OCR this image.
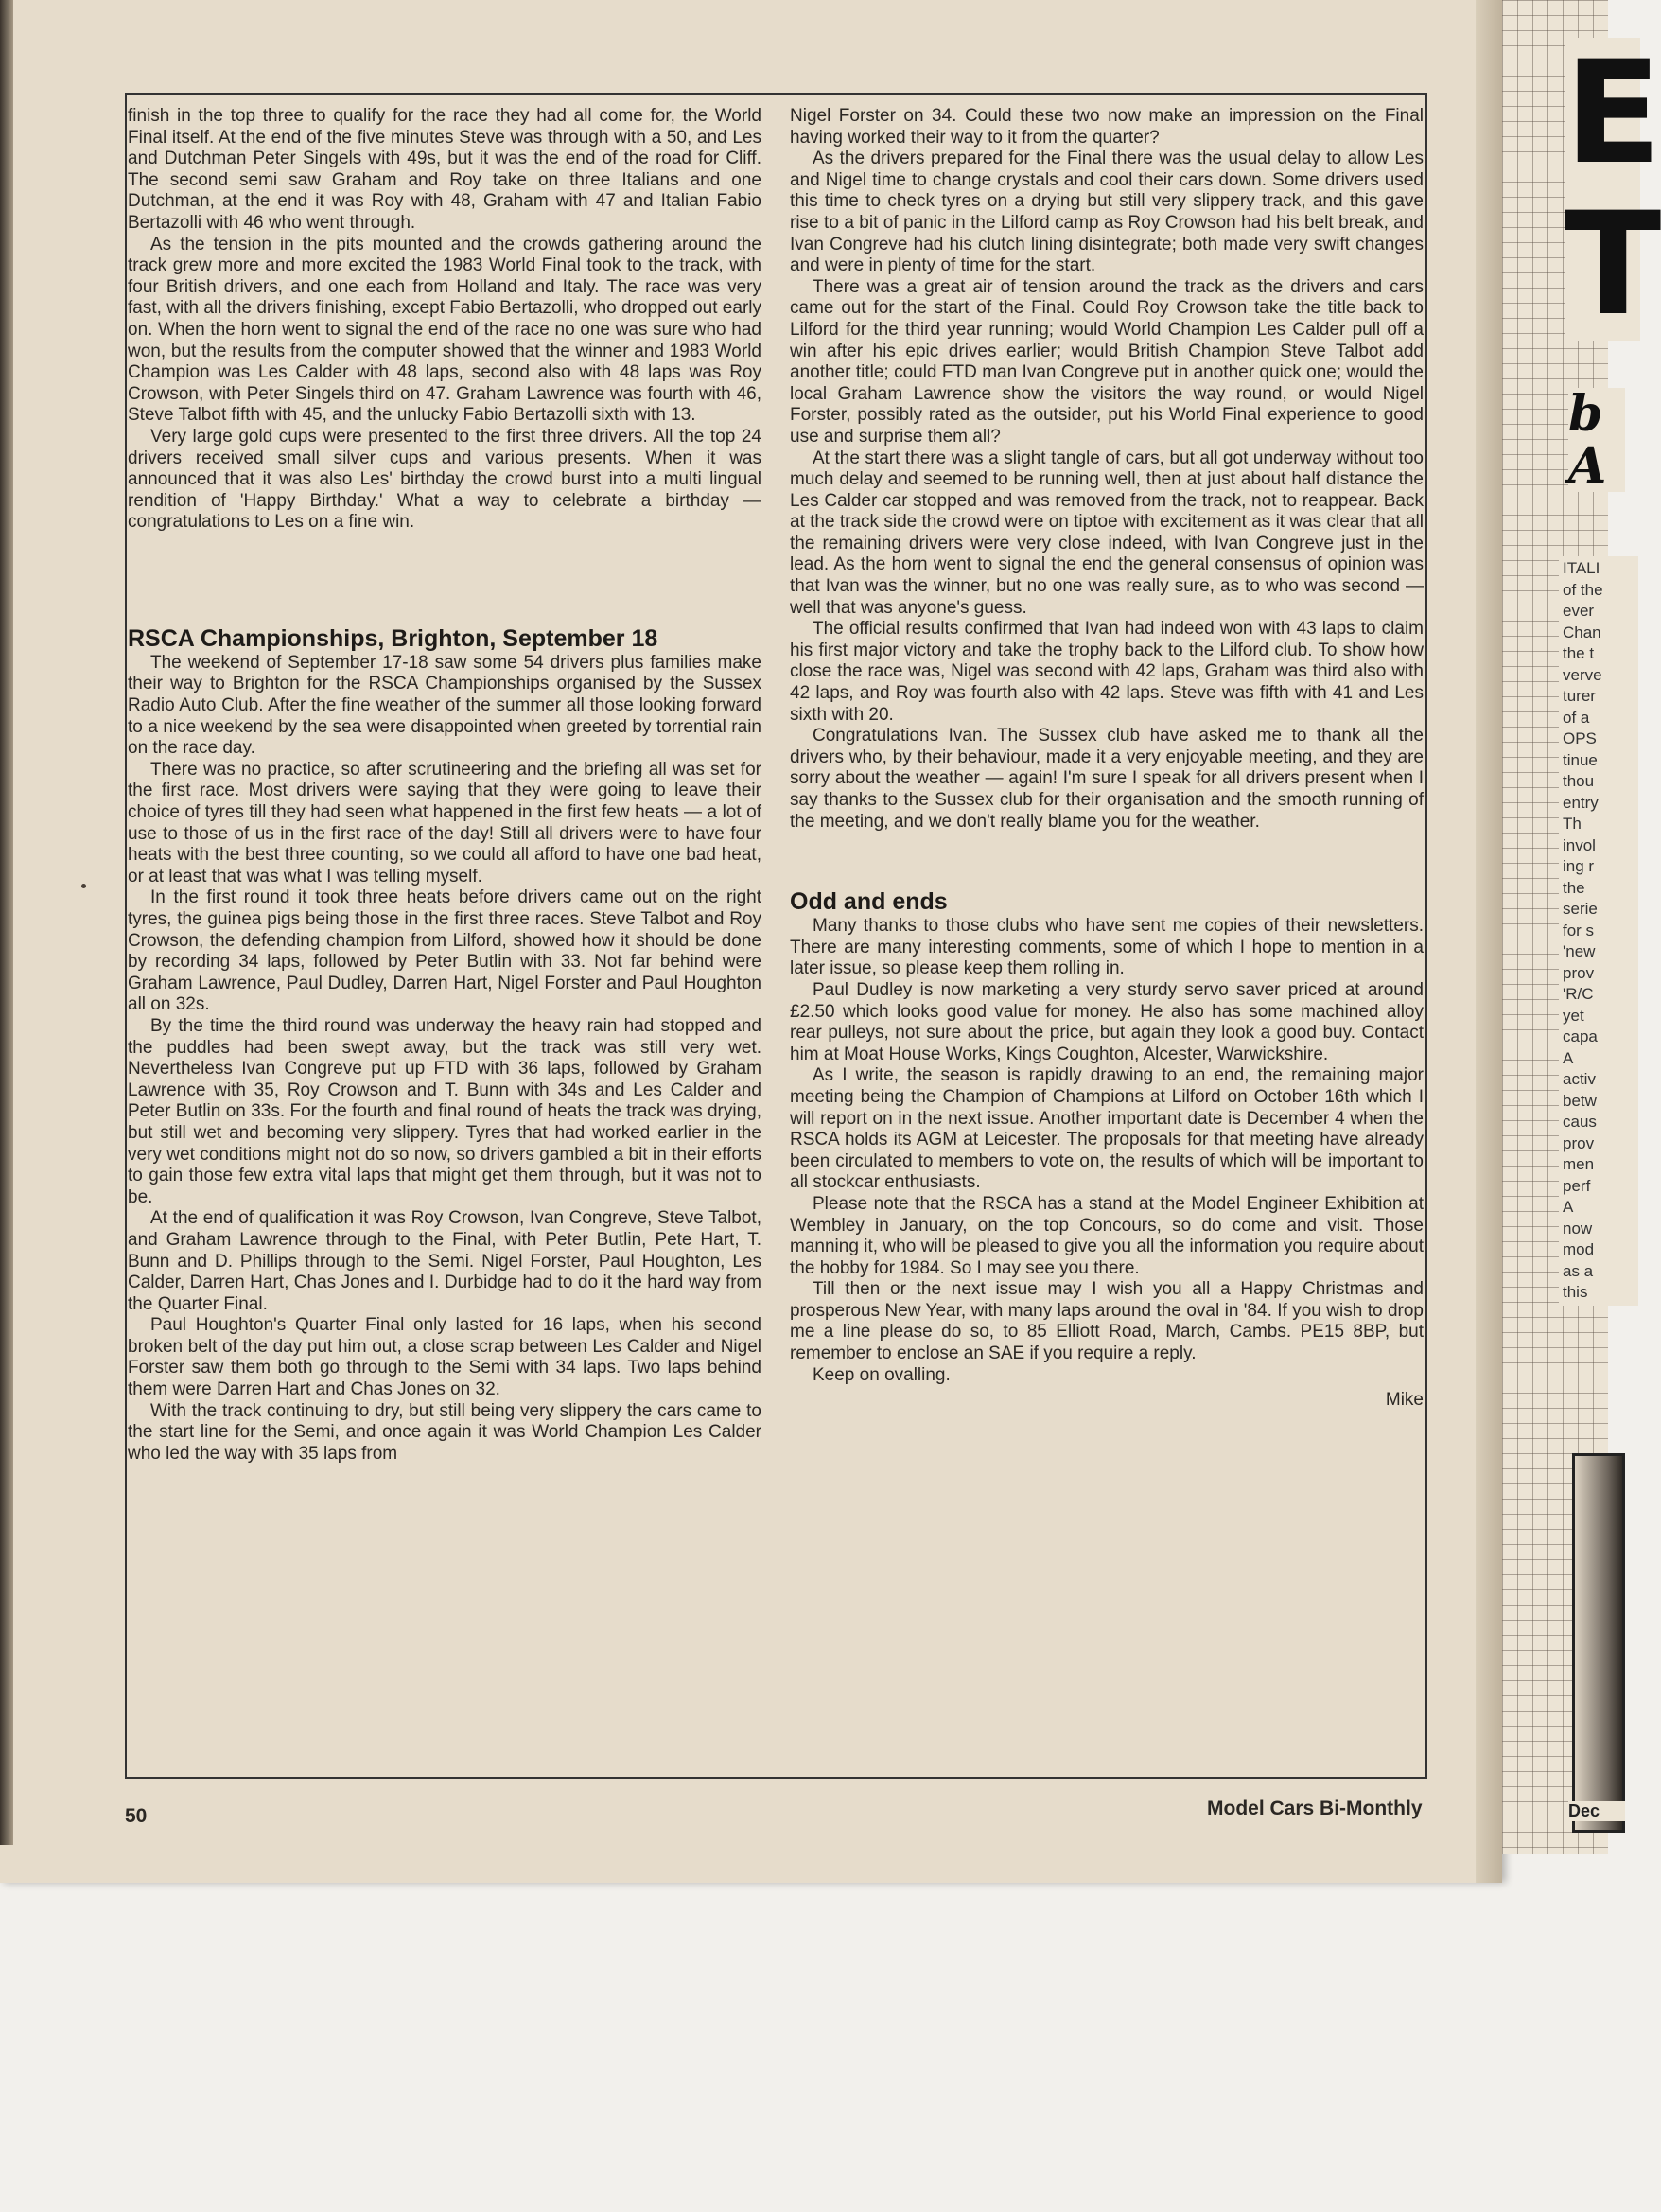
E
T
b
A
ITALI
of the
ever
Chan
the t
verve
turer
of a
OPS
tinue
thou
entry
Th
invol
ing r
the
serie
for s
'new
prov
'R/C
yet
capa
A
activ
betw
caus
prov
men
perf
A
now
mod
as a
this
Dec

finish in the top three to qualify for the race they had all come for, the World Final itself. At the end of the five minutes Steve was through with a 50, and Les and Dutchman Peter Singels with 49s, but it was the end of the road for Cliff. The second semi saw Graham and Roy take on three Italians and one Dutchman, at the end it was Roy with 48, Graham with 47 and Italian Fabio Bertazolli with 46 who went through.

As the tension in the pits mounted and the crowds gathering around the track grew more and more excited the 1983 World Final took to the track, with four British drivers, and one each from Holland and Italy. The race was very fast, with all the drivers finishing, except Fabio Bertazolli, who dropped out early on. When the horn went to signal the end of the race no one was sure who had won, but the results from the computer showed that the winner and 1983 World Champion was Les Calder with 48 laps, second also with 48 laps was Roy Crowson, with Peter Singels third on 47. Graham Lawrence was fourth with 46, Steve Talbot fifth with 45, and the unlucky Fabio Bertazolli sixth with 13.

Very large gold cups were presented to the first three drivers. All the top 24 drivers received small silver cups and various presents. When it was announced that it was also Les' birthday the crowd burst into a multi lingual rendition of 'Happy Birthday.' What a way to celebrate a birthday — congratulations to Les on a fine win.

RSCA Championships, Brighton, September 18

The weekend of September 17-18 saw some 54 drivers plus families make their way to Brighton for the RSCA Championships organised by the Sussex Radio Auto Club. After the fine weather of the summer all those looking forward to a nice weekend by the sea were disappointed when greeted by torrential rain on the race day.

There was no practice, so after scrutineering and the briefing all was set for the first race. Most drivers were saying that they were going to leave their choice of tyres till they had seen what happened in the first few heats — a lot of use to those of us in the first race of the day! Still all drivers were to have four heats with the best three counting, so we could all afford to have one bad heat, or at least that was what I was telling myself.

In the first round it took three heats before drivers came out on the right tyres, the guinea pigs being those in the first three races. Steve Talbot and Roy Crowson, the defending champion from Lilford, showed how it should be done by recording 34 laps, followed by Peter Butlin with 33. Not far behind were Graham Lawrence, Paul Dudley, Darren Hart, Nigel Forster and Paul Houghton all on 32s.

By the time the third round was underway the heavy rain had stopped and the puddles had been swept away, but the track was still very wet. Nevertheless Ivan Congreve put up FTD with 36 laps, followed by Graham Lawrence with 35, Roy Crowson and T. Bunn with 34s and Les Calder and Peter Butlin on 33s. For the fourth and final round of heats the track was drying, but still wet and becoming very slippery. Tyres that had worked earlier in the very wet conditions might not do so now, so drivers gambled a bit in their efforts to gain those few extra vital laps that might get them through, but it was not to be.

At the end of qualification it was Roy Crowson, Ivan Congreve, Steve Talbot, and Graham Lawrence through to the Final, with Peter Butlin, Pete Hart, T. Bunn and D. Phillips through to the Semi. Nigel Forster, Paul Houghton, Les Calder, Darren Hart, Chas Jones and I. Durbidge had to do it the hard way from the Quarter Final.

Paul Houghton's Quarter Final only lasted for 16 laps, when his second broken belt of the day put him out, a close scrap between Les Calder and Nigel Forster saw them both go through to the Semi with 34 laps. Two laps behind them were Darren Hart and Chas Jones on 32.

With the track continuing to dry, but still being very slippery the cars came to the start line for the Semi, and once again it was World Champion Les Calder who led the way with 35 laps from

Nigel Forster on 34. Could these two now make an impression on the Final having worked their way to it from the quarter?

As the drivers prepared for the Final there was the usual delay to allow Les and Nigel time to change crystals and cool their cars down. Some drivers used this time to check tyres on a drying but still very slippery track, and this gave rise to a bit of panic in the Lilford camp as Roy Crowson had his belt break, and Ivan Congreve had his clutch lining disintegrate; both made very swift changes and were in plenty of time for the start.

There was a great air of tension around the track as the drivers and cars came out for the start of the Final. Could Roy Crowson take the title back to Lilford for the third year running; would World Champion Les Calder pull off a win after his epic drives earlier; would British Champion Steve Talbot add another title; could FTD man Ivan Congreve put in another quick one; would the local Graham Lawrence show the visitors the way round, or would Nigel Forster, possibly rated as the outsider, put his World Final experience to good use and surprise them all?

At the start there was a slight tangle of cars, but all got underway without too much delay and seemed to be running well, then at just about half distance the Les Calder car stopped and was removed from the track, not to reappear. Back at the track side the crowd were on tiptoe with excitement as it was clear that all the remaining drivers were very close indeed, with Ivan Congreve just in the lead. As the horn went to signal the end the general consensus of opinion was that Ivan was the winner, but no one was really sure, as to who was second — well that was anyone's guess.

The official results confirmed that Ivan had indeed won with 43 laps to claim his first major victory and take the trophy back to the Lilford club. To show how close the race was, Nigel was second with 42 laps, Graham was third also with 42 laps, and Roy was fourth also with 42 laps. Steve was fifth with 41 and Les sixth with 20.

Congratulations Ivan. The Sussex club have asked me to thank all the drivers who, by their behaviour, made it a very enjoyable meeting, and they are sorry about the weather — again! I'm sure I speak for all drivers present when I say thanks to the Sussex club for their organisation and the smooth running of the meeting, and we don't really blame you for the weather.

Odd and ends

Many thanks to those clubs who have sent me copies of their newsletters. There are many interesting comments, some of which I hope to mention in a later issue, so please keep them rolling in.

Paul Dudley is now marketing a very sturdy servo saver priced at around £2.50 which looks good value for money. He also has some machined alloy rear pulleys, not sure about the price, but again they look a good buy. Contact him at Moat House Works, Kings Coughton, Alcester, Warwickshire.

As I write, the season is rapidly drawing to an end, the remaining major meeting being the Champion of Champions at Lilford on October 16th which I will report on in the next issue. Another important date is December 4 when the RSCA holds its AGM at Leicester. The proposals for that meeting have already been circulated to members to vote on, the results of which will be important to all stockcar enthusiasts.

Please note that the RSCA has a stand at the Model Engineer Exhibition at Wembley in January, on the top Concours, so do come and visit. Those manning it, who will be pleased to give you all the information you require about the hobby for 1984. So I may see you there.

Till then or the next issue may I wish you all a Happy Christmas and prosperous New Year, with many laps around the oval in '84. If you wish to drop me a line please do so, to 85 Elliott Road, March, Cambs. PE15 8BP, but remember to enclose an SAE if you require a reply.

Keep on ovalling.

Mike
50	Model Cars Bi-Monthly
